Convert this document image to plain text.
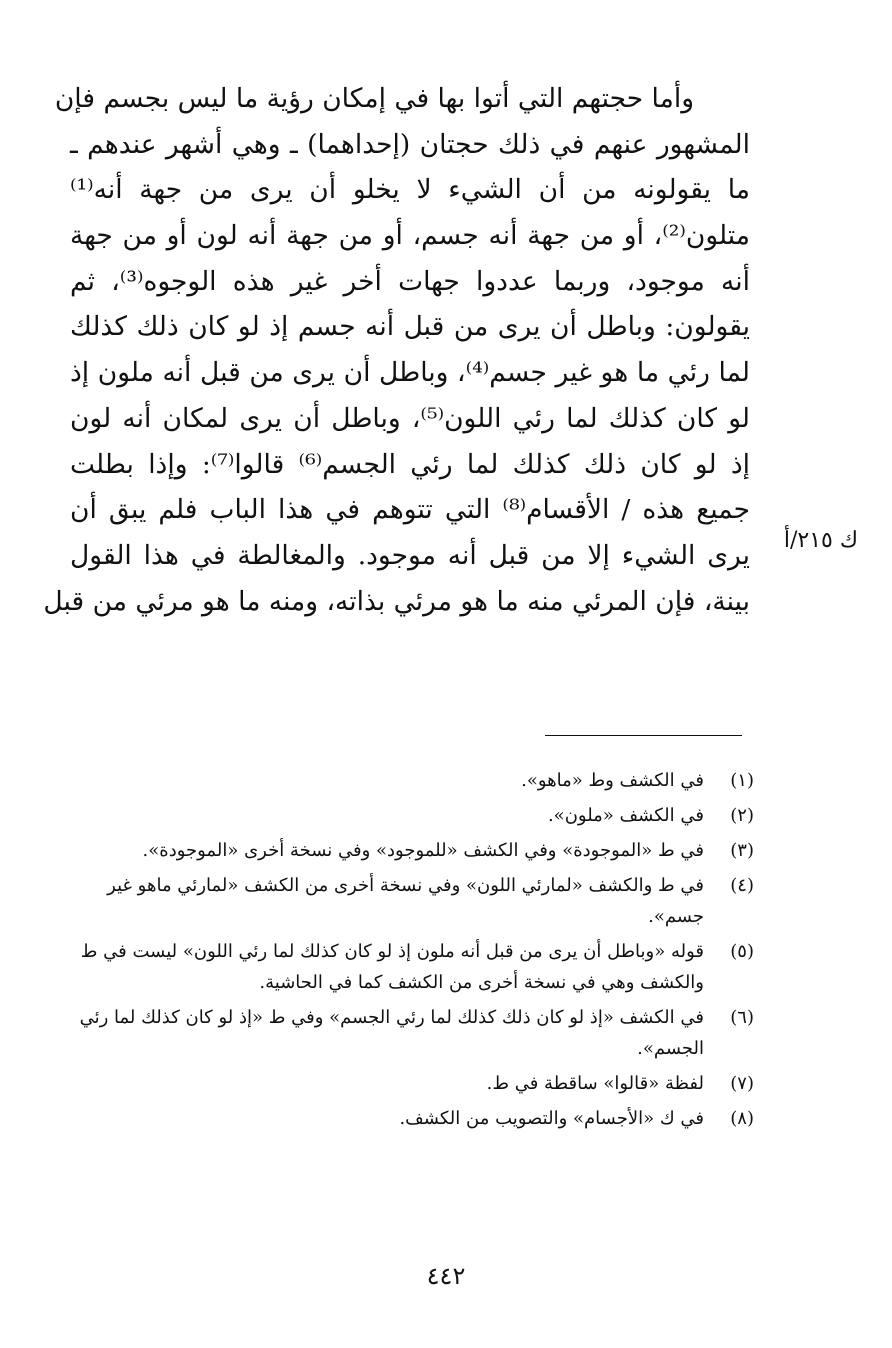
وأما حجتهم التي أتوا بها في إمكان رؤية ما ليس بجسم فإن
المشهور عنهم في ذلك حجتان (إحداهما) ـ وهي أشهر عندهم ـ
ما يقولونه من أن الشيء لا يخلو أن يرى من جهة أنه⁽¹⁾
متلون⁽²⁾، أو من جهة أنه جسم، أو من جهة أنه لون أو من جهة
أنه موجود، وربما عددوا جهات أخر غير هذه الوجوه⁽³⁾، ثم
يقولون: وباطل أن يرى من قبل أنه جسم إذ لو كان ذلك كذلك
لما رئي ما هو غير جسم⁽⁴⁾، وباطل أن يرى من قبل أنه ملون إذ
لو كان كذلك لما رئي اللون⁽⁵⁾، وباطل أن يرى لمكان أنه لون
إذ لو كان ذلك كذلك لما رئي الجسم⁽⁶⁾ قالوا⁽⁷⁾: وإذا بطلت
جميع هذه / الأقسام⁽⁸⁾ التي تتوهم في هذا الباب فلم يبق أن
يرى الشيء إلا من قبل أنه موجود. والمغالطة في هذا القول
بينة، فإن المرئي منه ما هو مرئي بذاته، ومنه ما هو مرئي من قبل
ك ٢١٥/أ
(١)
في الكشف وط «ماهو».
(٢)
في الكشف «ملون».
(٣)
في ط «الموجودة» وفي الكشف «للموجود» وفي نسخة أخرى «الموجودة».
(٤)
في ط والكشف «لمارئي اللون» وفي نسخة أخرى من الكشف «لمارئي ماهو غير جسم».
(٥)
قوله «وباطل أن يرى من قبل أنه ملون إذ لو كان كذلك لما رئي اللون» ليست في ط والكشف وهي في نسخة أخرى من الكشف كما في الحاشية.
(٦)
في الكشف «إذ لو كان ذلك كذلك لما رئي الجسم» وفي ط «إذ لو كان كذلك لما رئي الجسم».
(٧)
لفظة «قالوا» ساقطة في ط.
(٨)
في ك «الأجسام» والتصويب من الكشف.
٤٤٢
